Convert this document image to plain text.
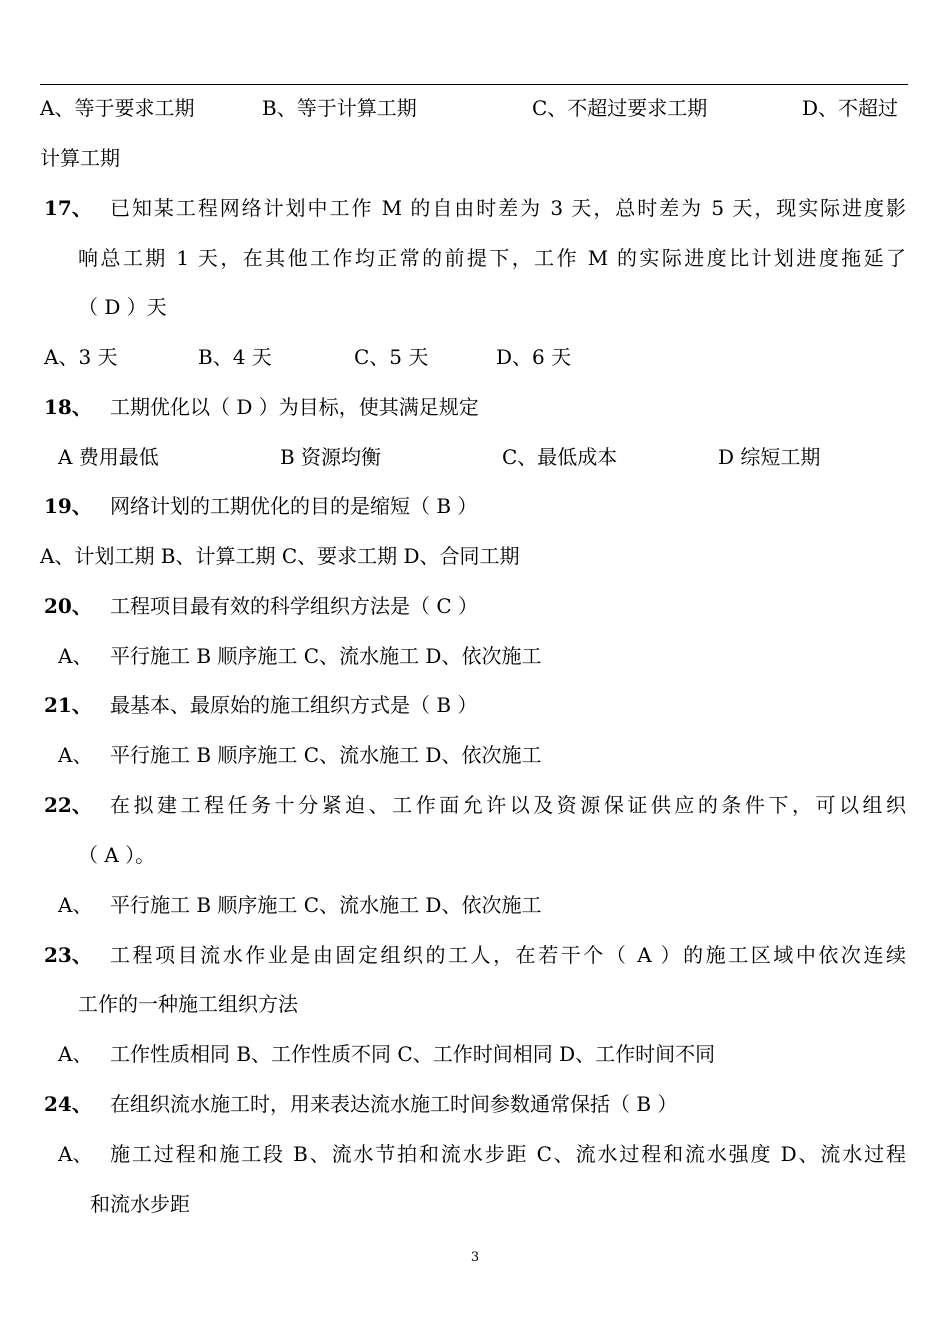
A、等于要求工期	B、等于计算工期	C、不超过要求工期	D、不超过
计算工期
17、 已知某工程网络计划中工作 M 的自由时差为 3 天，总时差为 5 天，现实际进度影
响总工期 1 天，在其他工作均正常的前提下，工作 M 的实际进度比计划进度拖延了
（ D ）天
A、3 天	B、4 天	C、5 天	D、6 天
18、 工期优化以（ D ）为目标，使其满足规定
A 费用最低	B 资源均衡	C、最低成本	D 综短工期
19、 网络计划的工期优化的目的是缩短（ B ）
A、计划工期 B、计算工期 C、要求工期 D、合同工期
20、 工程项目最有效的科学组织方法是（ C ）
A、 平行施工 B 顺序施工 C、流水施工 D、依次施工
21、 最基本、最原始的施工组织方式是（ B ）
A、 平行施工 B 顺序施工 C、流水施工 D、依次施工
22、 在拟建工程任务十分紧迫、工作面允许以及资源保证供应的条件下，可以组织
（ A ）。
A、 平行施工 B 顺序施工 C、流水施工 D、依次施工
23、 工程项目流水作业是由固定组织的工人，在若干个（ A ）的施工区域中依次连续
工作的一种施工组织方法
A、 工作性质相同 B、工作性质不同 C、工作时间相同 D、工作时间不同
24、 在组织流水施工时，用来表达流水施工时间参数通常保括（ B ）
A、 施工过程和施工段 B、流水节拍和流水步距 C、流水过程和流水强度 D、流水过程
和流水步距
3
